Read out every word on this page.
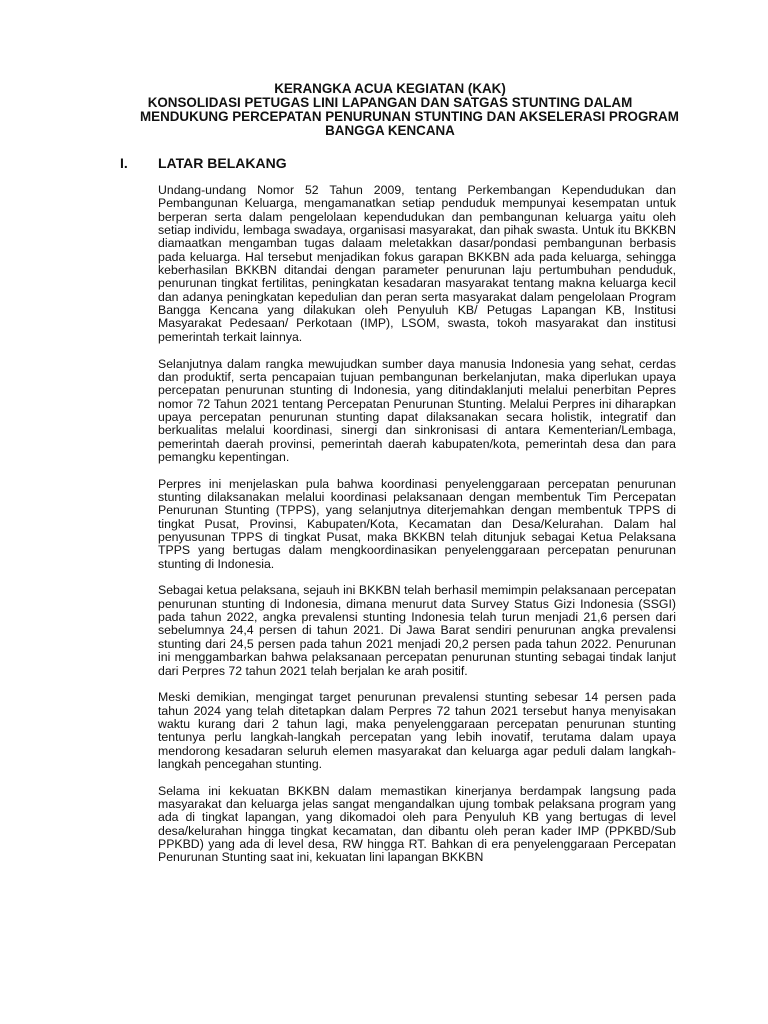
KERANGKA ACUA KEGIATAN (KAK)
KONSOLIDASI PETUGAS LINI LAPANGAN DAN SATGAS STUNTING DALAM
MENDUKUNG PERCEPATAN PENURUNAN STUNTING DAN AKSELERASI PROGRAM
BANGGA KENCANA
I. LATAR BELAKANG

Undang-undang Nomor 52 Tahun 2009, tentang Perkembangan Kependudukan dan Pembangunan Keluarga, mengamanatkan setiap penduduk mempunyai kesempatan untuk berperan serta dalam pengelolaan kependudukan dan pembangunan keluarga yaitu oleh setiap individu, lembaga swadaya, organisasi masyarakat, dan pihak swasta. Untuk itu BKKBN diamaatkan mengamban tugas dalaam meletakkan dasar/pondasi pembangunan berbasis pada keluarga. Hal tersebut menjadikan fokus garapan BKKBN ada pada keluarga, sehingga keberhasilan BKKBN ditandai dengan parameter penurunan laju pertumbuhan penduduk, penurunan tingkat fertilitas, peningkatan kesadaran masyarakat tentang makna keluarga kecil dan adanya peningkatan kepedulian dan peran serta masyarakat dalam pengelolaan Program Bangga Kencana yang dilakukan oleh Penyuluh KB/ Petugas Lapangan KB, Institusi Masyarakat Pedesaan/ Perkotaan (IMP), LSOM, swasta, tokoh masyarakat dan institusi pemerintah terkait lainnya.

Selanjutnya dalam rangka mewujudkan sumber daya manusia Indonesia yang sehat, cerdas dan produktif, serta pencapaian tujuan pembangunan berkelanjutan, maka diperlukan upaya percepatan penurunan stunting di Indonesia, yang ditindaklanjuti melalui penerbitan Pepres nomor 72 Tahun 2021 tentang Percepatan Penurunan Stunting. Melalui Perpres ini diharapkan upaya percepatan penurunan stunting dapat dilaksanakan secara holistik, integratif dan berkualitas melalui koordinasi, sinergi dan sinkronisasi di antara Kementerian/Lembaga, pemerintah daerah provinsi, pemerintah daerah kabupaten/kota, pemerintah desa dan para pemangku kepentingan.

Perpres ini menjelaskan pula bahwa koordinasi penyelenggaraan percepatan penurunan stunting dilaksanakan melalui koordinasi pelaksanaan dengan membentuk Tim Percepatan Penurunan Stunting (TPPS), yang selanjutnya diterjemahkan dengan membentuk TPPS di tingkat Pusat, Provinsi, Kabupaten/Kota, Kecamatan dan Desa/Kelurahan. Dalam hal penyusunan TPPS di tingkat Pusat, maka BKKBN telah ditunjuk sebagai Ketua Pelaksana TPPS yang bertugas dalam mengkoordinasikan penyelenggaraan percepatan penurunan stunting di Indonesia.

Sebagai ketua pelaksana, sejauh ini BKKBN telah berhasil memimpin pelaksanaan percepatan penurunan stunting di Indonesia, dimana menurut data Survey Status Gizi Indonesia (SSGI) pada tahun 2022, angka prevalensi stunting Indonesia telah turun menjadi 21,6 persen dari sebelumnya 24,4 persen di tahun 2021. Di Jawa Barat sendiri penurunan angka prevalensi stunting dari 24,5 persen pada tahun 2021 menjadi 20,2 persen pada tahun 2022. Penurunan ini menggambarkan bahwa pelaksanaan percepatan penurunan stunting sebagai tindak lanjut dari Perpres 72 tahun 2021 telah berjalan ke arah positif.

Meski demikian, mengingat target penurunan prevalensi stunting sebesar 14 persen pada tahun 2024 yang telah ditetapkan dalam Perpres 72 tahun 2021 tersebut hanya menyisakan waktu kurang dari 2 tahun lagi, maka penyelenggaraan percepatan penurunan stunting tentunya perlu langkah-langkah percepatan yang lebih inovatif, terutama dalam upaya mendorong kesadaran seluruh elemen masyarakat dan keluarga agar peduli dalam langkah-langkah pencegahan stunting.

Selama ini kekuatan BKKBN dalam memastikan kinerjanya berdampak langsung pada masyarakat dan keluarga jelas sangat mengandalkan ujung tombak pelaksana program yang ada di tingkat lapangan, yang dikomadoi oleh para Penyuluh KB yang bertugas di level desa/kelurahan hingga tingkat kecamatan, dan dibantu oleh peran kader IMP (PPKBD/Sub PPKBD) yang ada di level desa, RW hingga RT. Bahkan di era penyelenggaraan Percepatan Penurunan Stunting saat ini, kekuatan lini lapangan BKKBN
